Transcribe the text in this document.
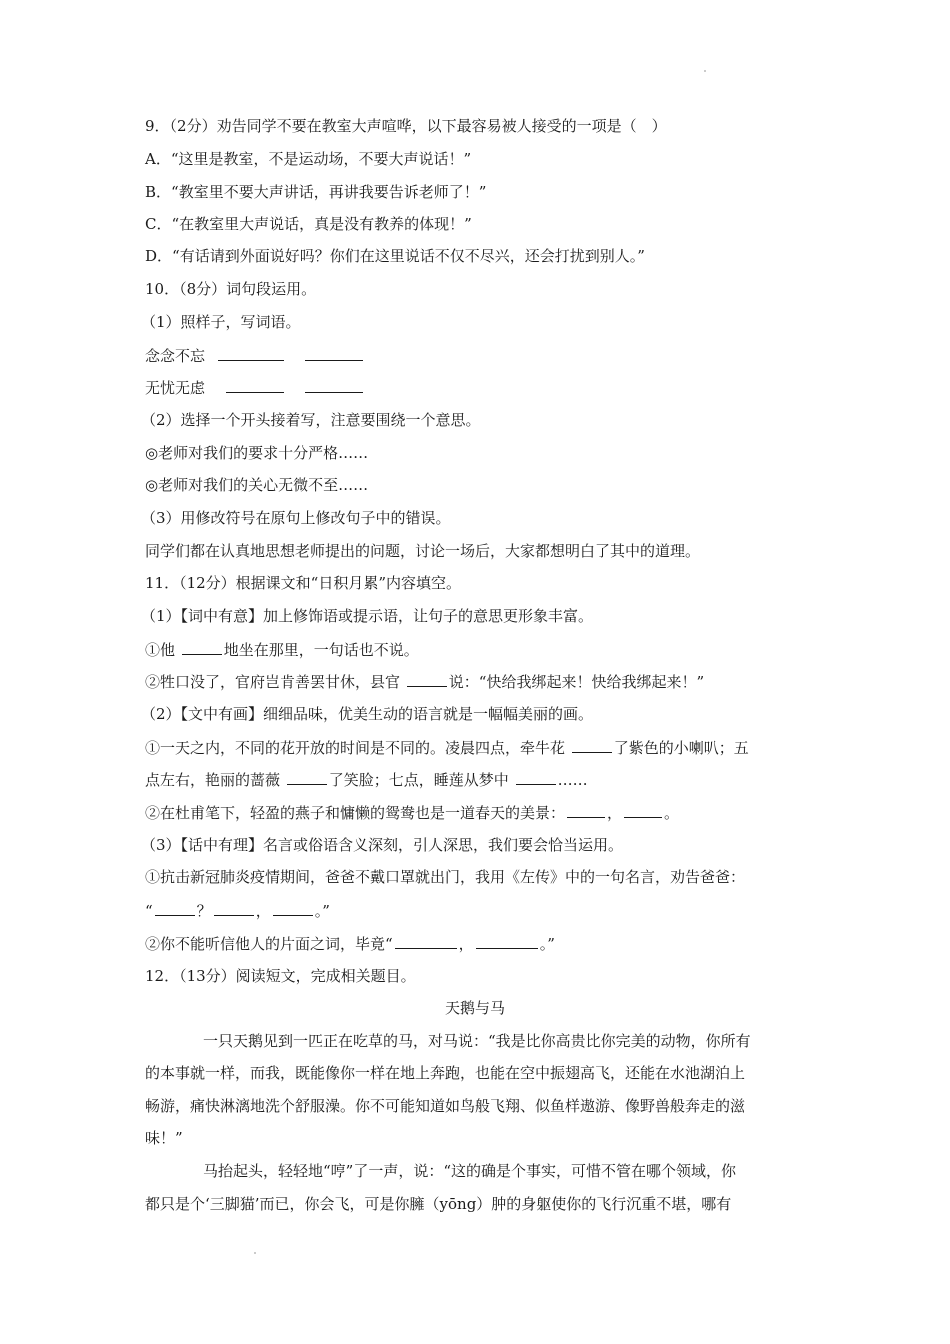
9．（2分）劝告同学不要在教室大声喧哗，以下最容易被人接受的一项是（　）
A．“这里是教室，不是运动场，不要大声说话！”
B．“教室里不要大声讲话，再讲我要告诉老师了！”
C．“在教室里大声说话，真是没有教养的体现！”
D．“有话请到外面说好吗？你们在这里说话不仅不尽兴，还会打扰到别人。”
10．（8分）词句段运用。
（1）照样子，写词语。
念念不忘
无忧无虑
（2）选择一个开头接着写，注意要围绕一个意思。
◎老师对我们的要求十分严格……
◎老师对我们的关心无微不至……
（3）用修改符号在原句上修改句子中的错误。
同学们都在认真地思想老师提出的问题，讨论一场后，大家都想明白了其中的道理。
11．（12分）根据课文和“日积月累”内容填空。
（1）【词中有意】加上修饰语或提示语，让句子的意思更形象丰富。
①他	地坐在那里，一句话也不说。
②牲口没了，官府岂肯善罢甘休，县官	说：“快给我绑起来！快给我绑起来！”
（2）【文中有画】细细品味，优美生动的语言就是一幅幅美丽的画。
①一天之内，不同的花开放的时间是不同的。凌晨四点，牵牛花	了紫色的小喇叭；五
点左右，艳丽的蔷薇	了笑脸；七点，睡莲从梦中	……
②在杜甫笔下，轻盈的燕子和慵懒的鸳鸯也是一道春天的美景：	，	。
（3）【话中有理】名言或俗语含义深刻，引人深思，我们要会恰当运用。
①抗击新冠肺炎疫情期间，爸爸不戴口罩就出门，我用《左传》中的一句名言，劝告爸爸：
“	？	，	。”
②你不能听信他人的片面之词，毕竟“	，	。”
12．（13分）阅读短文，完成相关题目。
天鹅与马
一只天鹅见到一匹正在吃草的马，对马说：“我是比你高贵比你完美的动物，你所有
的本事就一样，而我，既能像你一样在地上奔跑，也能在空中振翅高飞，还能在水池湖泊上
畅游，痛快淋漓地洗个舒服澡。你不可能知道如鸟般飞翔、似鱼样遨游、像野兽般奔走的滋
味！”
马抬起头，轻轻地“哼”了一声，说：“这的确是个事实，可惜不管在哪个领域，你
都只是个‘三脚猫’而已，你会飞，可是你臃（yōng）肿的身躯使你的飞行沉重不堪，哪有
